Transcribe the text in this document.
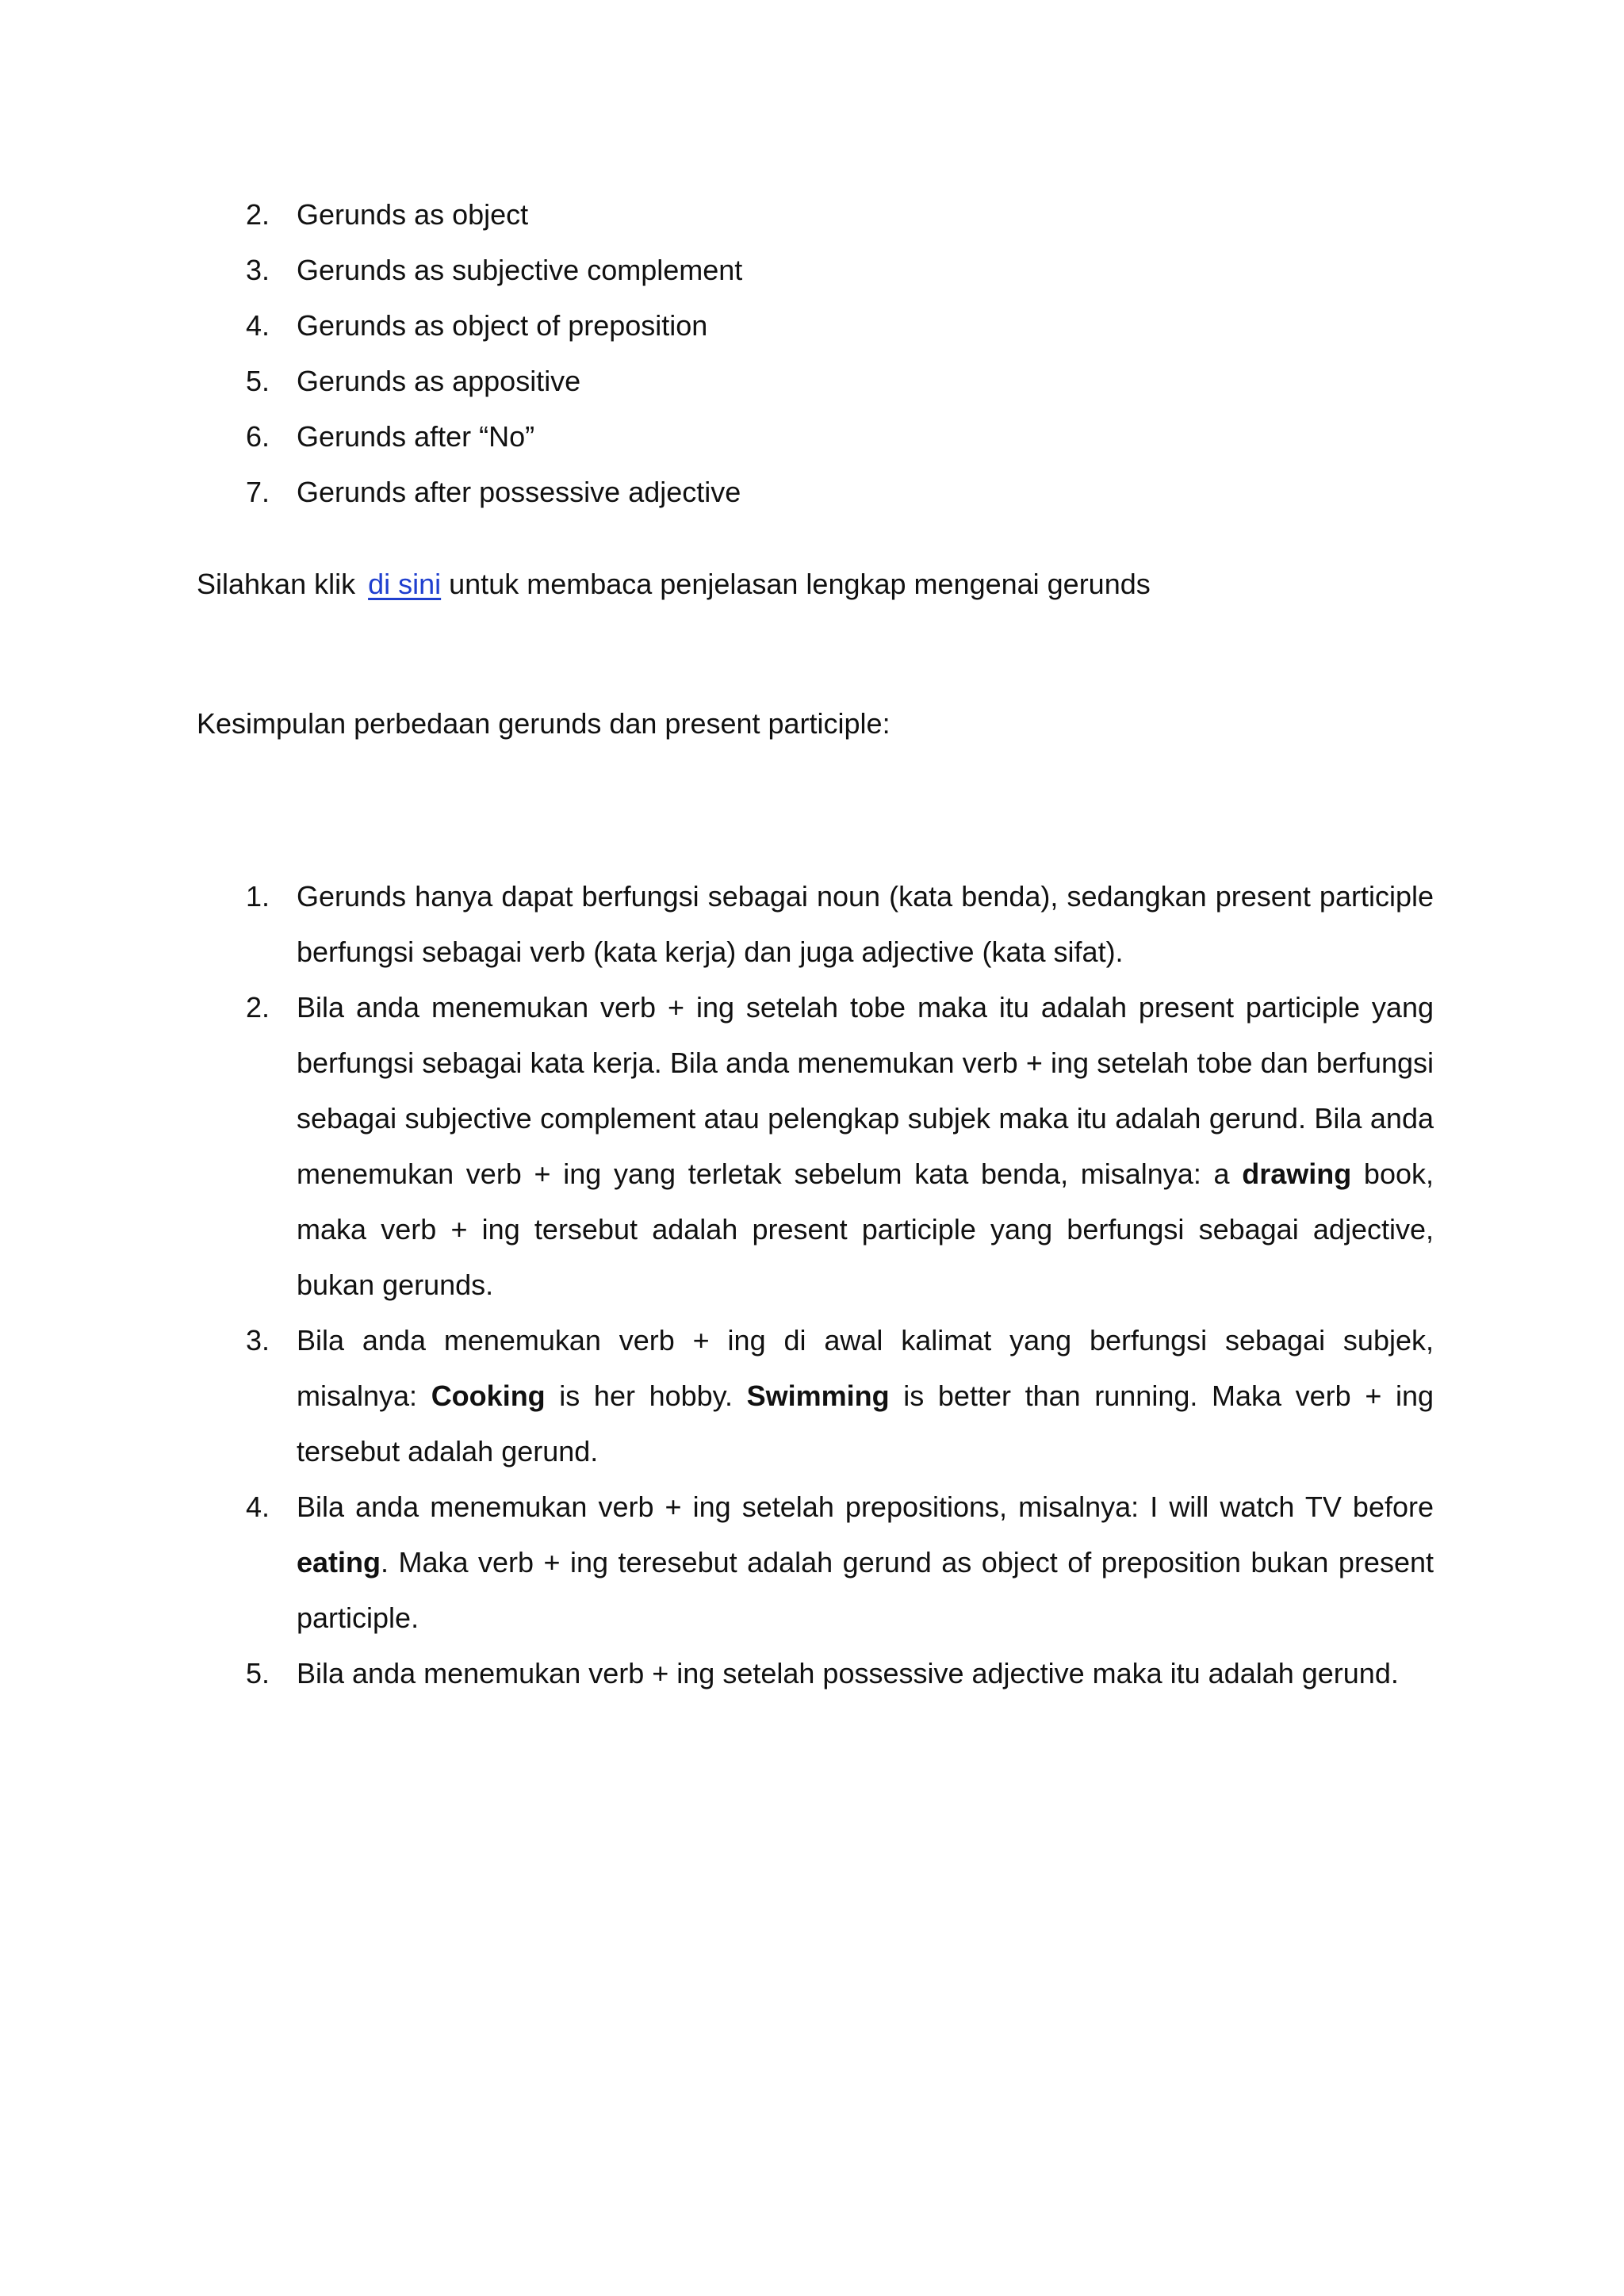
2. Gerunds as object
3. Gerunds as subjective complement
4. Gerunds as object of preposition
5. Gerunds as appositive
6. Gerunds after “No”
7. Gerunds after possessive adjective
Silahkan klik di sini untuk membaca penjelasan lengkap mengenai gerunds
Kesimpulan perbedaan gerunds dan present participle:
1. Gerunds hanya dapat berfungsi sebagai noun (kata benda), sedangkan present participle berfungsi sebagai verb (kata kerja) dan juga adjective (kata sifat).
2. Bila anda menemukan verb + ing setelah tobe maka itu adalah present participle yang berfungsi sebagai kata kerja. Bila anda menemukan verb + ing setelah tobe dan berfungsi sebagai subjective complement atau pelengkap subjek maka itu adalah gerund. Bila anda menemukan verb + ing yang terletak sebelum kata benda, misalnya: a drawing book, maka verb + ing tersebut adalah present participle yang berfungsi sebagai adjective, bukan gerunds.
3. Bila anda menemukan verb + ing di awal kalimat yang berfungsi sebagai subjek, misalnya: Cooking is her hobby. Swimming is better than running. Maka verb + ing tersebut adalah gerund.
4. Bila anda menemukan verb + ing setelah prepositions, misalnya: I will watch TV before eating. Maka verb + ing teresebut adalah gerund as object of preposition bukan present participle.
5. Bila anda menemukan verb + ing setelah possessive adjective maka itu adalah gerund.
